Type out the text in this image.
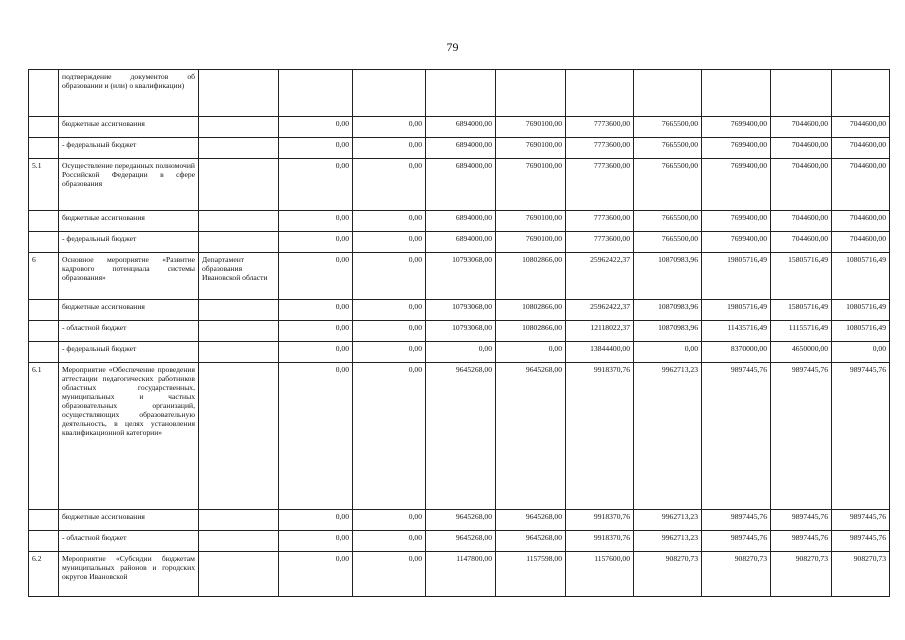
79
	подтверждение документов об образовании и (или) о квалификации)										
	бюджетные ассигнования		0,00	0,00	6894000,00	7690100,00	7773600,00	7665500,00	7699400,00	7044600,00	7044600,00
	- федеральный бюджет		0,00	0,00	6894000,00	7690100,00	7773600,00	7665500,00	7699400,00	7044600,00	7044600,00
5.1	Осуществление переданных полномочий Российской Федерации в сфере образования		0,00	0,00	6894000,00	7690100,00	7773600,00	7665500,00	7699400,00	7044600,00	7044600,00
	бюджетные ассигнования		0,00	0,00	6894000,00	7690100,00	7773600,00	7665500,00	7699400,00	7044600,00	7044600,00
	- федеральный бюджет		0,00	0,00	6894000,00	7690100,00	7773600,00	7665500,00	7699400,00	7044600,00	7044600,00
6	Основное мероприятие «Развитие кадрового потенциала системы образования»	Департамент образования Ивановской области	0,00	0,00	10793068,00	10802866,00	25962422,37	10870983,96	19805716,49	15805716,49	10805716,49
	бюджетные ассигнования		0,00	0,00	10793068,00	10802866,00	25962422,37	10870983,96	19805716,49	15805716,49	10805716,49
	- областной бюджет		0,00	0,00	10793068,00	10802866,00	12118022,37	10870983,96	11435716,49	11155716,49	10805716,49
	- федеральный бюджет		0,00	0,00	0,00	0,00	13844400,00	0,00	8370000,00	4650000,00	0,00
6.1	Мероприятие «Обеспечение проведения аттестации педагогических работников областных государственных, муниципальных и частных образовательных организаций, осуществляющих образовательную деятельность, в целях установления квалификационной категории»		0,00	0,00	9645268,00	9645268,00	9918370,76	9962713,23	9897445,76	9897445,76	9897445,76
	бюджетные ассигнования		0,00	0,00	9645268,00	9645268,00	9918370,76	9962713,23	9897445,76	9897445,76	9897445,76
	- областной бюджет		0,00	0,00	9645268,00	9645268,00	9918370,76	9962713,23	9897445,76	9897445,76	9897445,76
6.2	Мероприятие «Субсидии бюджетам муниципальных районов и городских округов Ивановской		0,00	0,00	1147800,00	1157598,00	1157600,00	908270,73	908270,73	908270,73	908270,73
